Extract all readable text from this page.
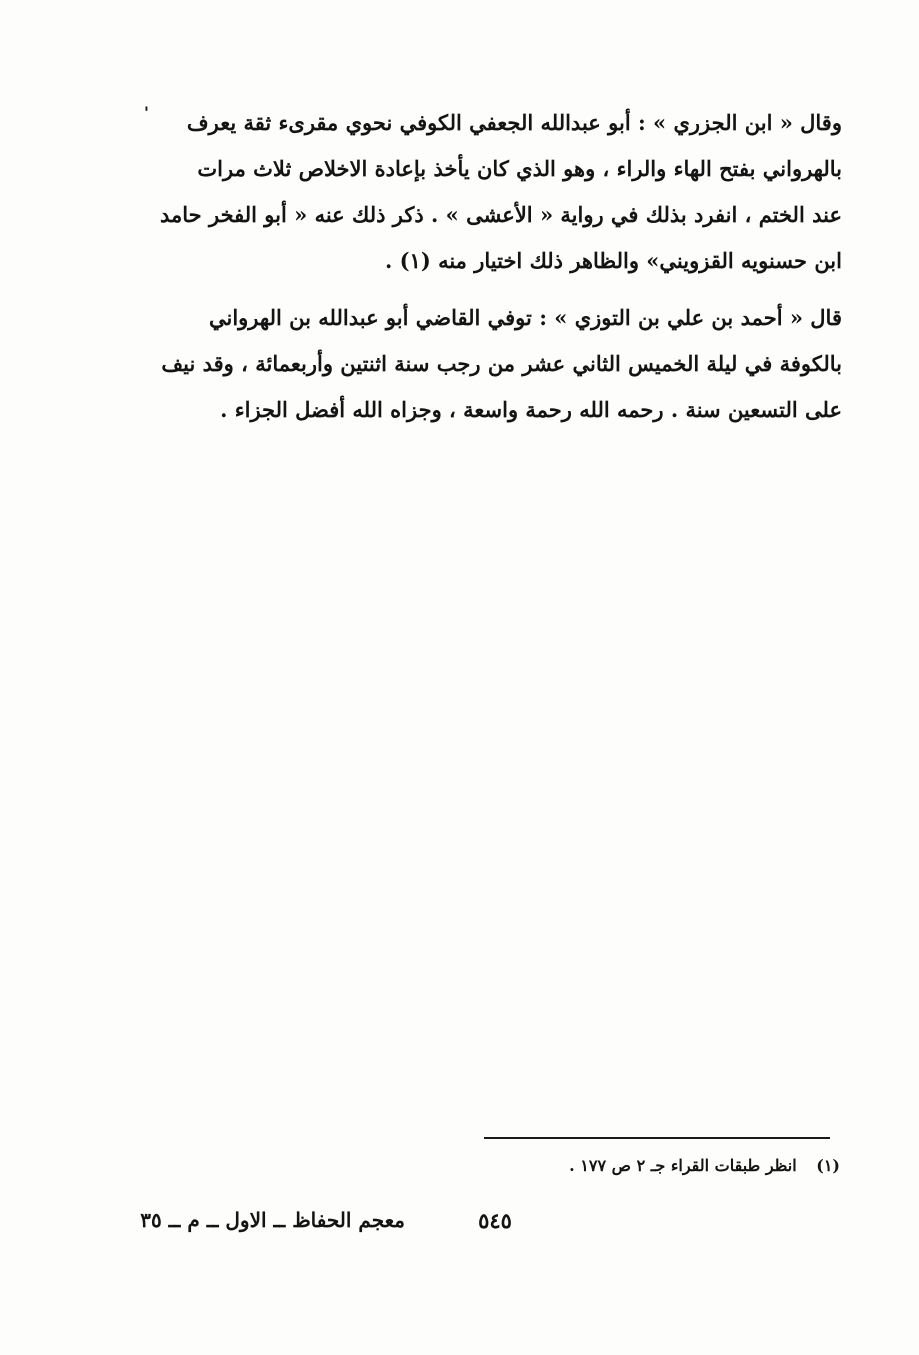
'	وقال « ابن الجزري » : أبو عبدالله الجعفي الكوفي نحوي مقرىء ثقة يعرف
بالهرواني بفتح الهاء والراء ، وهو الذي كان يأخذ بإعادة الاخلاص ثلاث مرات
عند الختم ، انفرد بذلك في رواية « الأعشى » . ذكر ذلك عنه « أبو الفخر حامد
ابن حسنويه القزويني» والظاهر ذلك اختيار منه (١) .
قال « أحمد بن علي بن التوزي » : توفي القاضي أبو عبدالله بن الهرواني
بالكوفة في ليلة الخميس الثاني عشر من رجب سنة اثنتين وأربعمائة ، وقد نيف
على التسعين سنة . رحمه الله رحمة واسعة ، وجزاه الله أفضل الجزاء .
(١) انظر طبقات القراء جـ ٢ ص ١٧٧ .
٥٤٥
معجم الحفاظ ــ الاول ــ م ــ ٣٥
